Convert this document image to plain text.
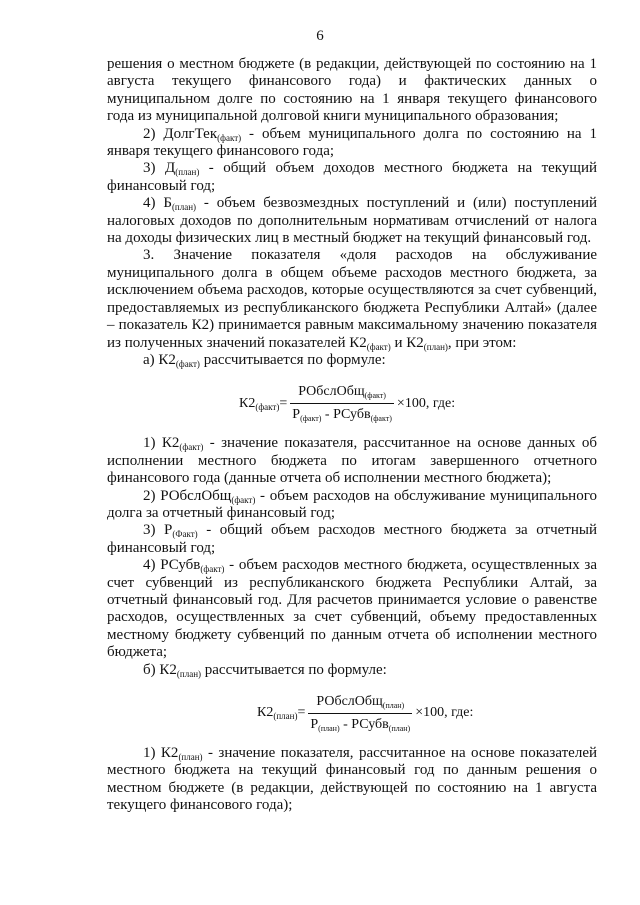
6

решения о местном бюджете (в редакции, действующей по состоянию на 1 августа текущего финансового года) и фактических данных о муниципальном долге по состоянию на 1 января текущего финансового года из муниципальной долговой книги муниципального образования;

2) ДолгТек$_{(факт)}$ - объем муниципального долга по состоянию на 1 января текущего финансового года;

3) $Д_{(план)}$ - общий объем доходов местного бюджета на текущий финансовый год;

4) $Б_{(план)}$ - объем безвозмездных поступлений и (или) поступлений налоговых доходов по дополнительным нормативам отчислений от налога на доходы физических лиц в местный бюджет на текущий финансовый год.

3. Значение показателя «доля расходов на обслуживание муниципального долга в общем объеме расходов местного бюджета, за исключением объема расходов, которые осуществляются за счет субвенций, предоставляемых из республиканского бюджета Республики Алтай» (далее – показатель К2) принимается равным максимальному значению показателя из полученных значений показателей $К2_{(факт)}$ и $К2_{(план)}$, при этом:

а) $К2_{(факт)}$ рассчитывается по формуле:

$К2_{(факт)} = \frac{РОбслОбщ_{(факт)}}{Р_{(факт)} - РСубв_{(факт)}} \times 100$, где:

1) $К2_{(факт)}$ - значение показателя, рассчитанное на основе данных об исполнении местного бюджета по итогам завершенного отчетного финансового года (данные отчета об исполнении местного бюджета);

2) РОбслОбщ$_{(факт)}$ - объем расходов на обслуживание муниципального долга за отчетный финансовый год;

3) $Р_{(Факт)}$ - общий объем расходов местного бюджета за отчетный финансовый год;

4) РСубв$_{(факт)}$ - объем расходов местного бюджета, осуществленных за счет субвенций из республиканского бюджета Республики Алтай, за отчетный финансовый год. Для расчетов принимается условие о равенстве расходов, осуществленных за счет субвенций, объему предоставленных местному бюджету субвенций по данным отчета об исполнении местного бюджета;

б) $К2_{(план)}$ рассчитывается по формуле:

$К2_{(план)} = \frac{РОбслОбщ_{(план)}}{Р_{(план)} - РСубв_{(план)}} \times 100$, где:

1) $К2_{(план)}$ - значение показателя, рассчитанное на основе показателей местного бюджета на текущий финансовый год по данным решения о местном бюджете (в редакции, действующей по состоянию на 1 августа текущего финансового года);
